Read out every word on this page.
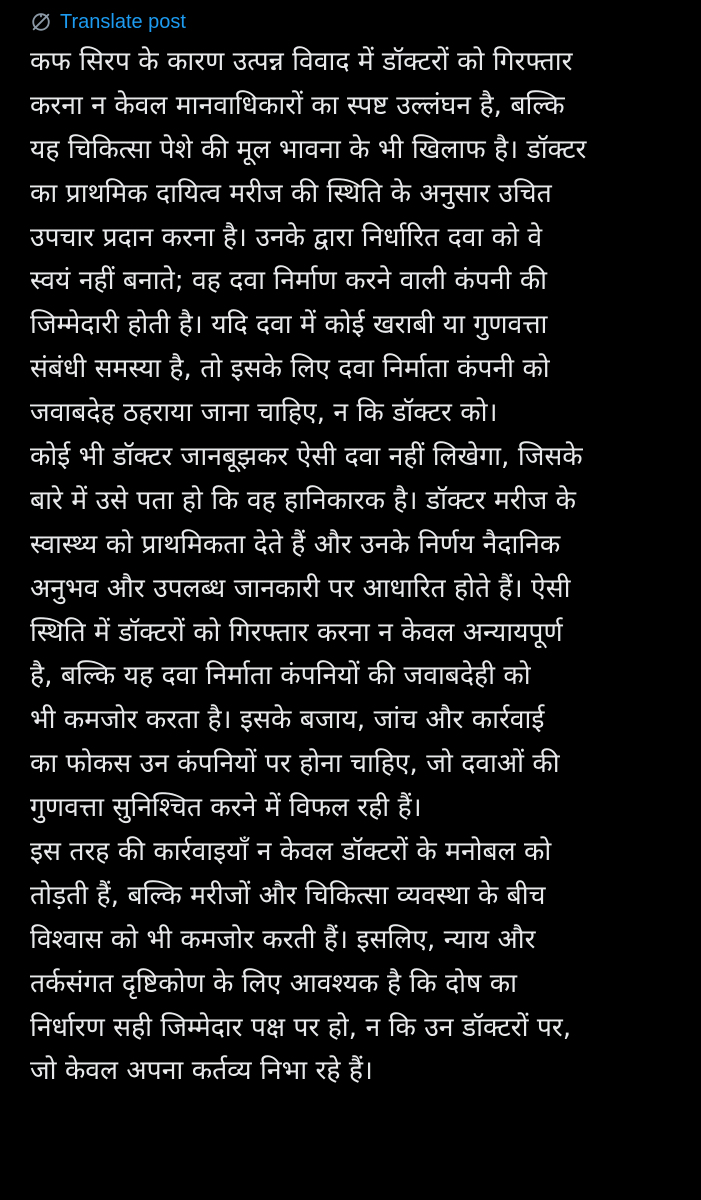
Translate post
कफ सिरप के कारण उत्पन्न विवाद में डॉक्टरों को गिरफ्तार
करना न केवल मानवाधिकारों का स्पष्ट उल्लंघन है, बल्कि
यह चिकित्सा पेशे की मूल भावना के भी खिलाफ है। डॉक्टर
का प्राथमिक दायित्व मरीज की स्थिति के अनुसार उचित
उपचार प्रदान करना है। उनके द्वारा निर्धारित दवा को वे
स्वयं नहीं बनाते; वह दवा निर्माण करने वाली कंपनी की
जिम्मेदारी होती है। यदि दवा में कोई खराबी या गुणवत्ता
संबंधी समस्या है, तो इसके लिए दवा निर्माता कंपनी को
जवाबदेह ठहराया जाना चाहिए, न कि डॉक्टर को।
कोई भी डॉक्टर जानबूझकर ऐसी दवा नहीं लिखेगा, जिसके
बारे में उसे पता हो कि वह हानिकारक है। डॉक्टर मरीज के
स्वास्थ्य को प्राथमिकता देते हैं और उनके निर्णय नैदानिक
अनुभव और उपलब्ध जानकारी पर आधारित होते हैं। ऐसी
स्थिति में डॉक्टरों को गिरफ्तार करना न केवल अन्यायपूर्ण
है, बल्कि यह दवा निर्माता कंपनियों की जवाबदेही को
भी कमजोर करता है। इसके बजाय, जांच और कार्रवाई
का फोकस उन कंपनियों पर होना चाहिए, जो दवाओं की
गुणवत्ता सुनिश्चित करने में विफल रही हैं।
इस तरह की कार्रवाइयाँ न केवल डॉक्टरों के मनोबल को
तोड़ती हैं, बल्कि मरीजों और चिकित्सा व्यवस्था के बीच
विश्वास को भी कमजोर करती हैं। इसलिए, न्याय और
तर्कसंगत दृष्टिकोण के लिए आवश्यक है कि दोष का
निर्धारण सही जिम्मेदार पक्ष पर हो, न कि उन डॉक्टरों पर,
जो केवल अपना कर्तव्य निभा रहे हैं।
